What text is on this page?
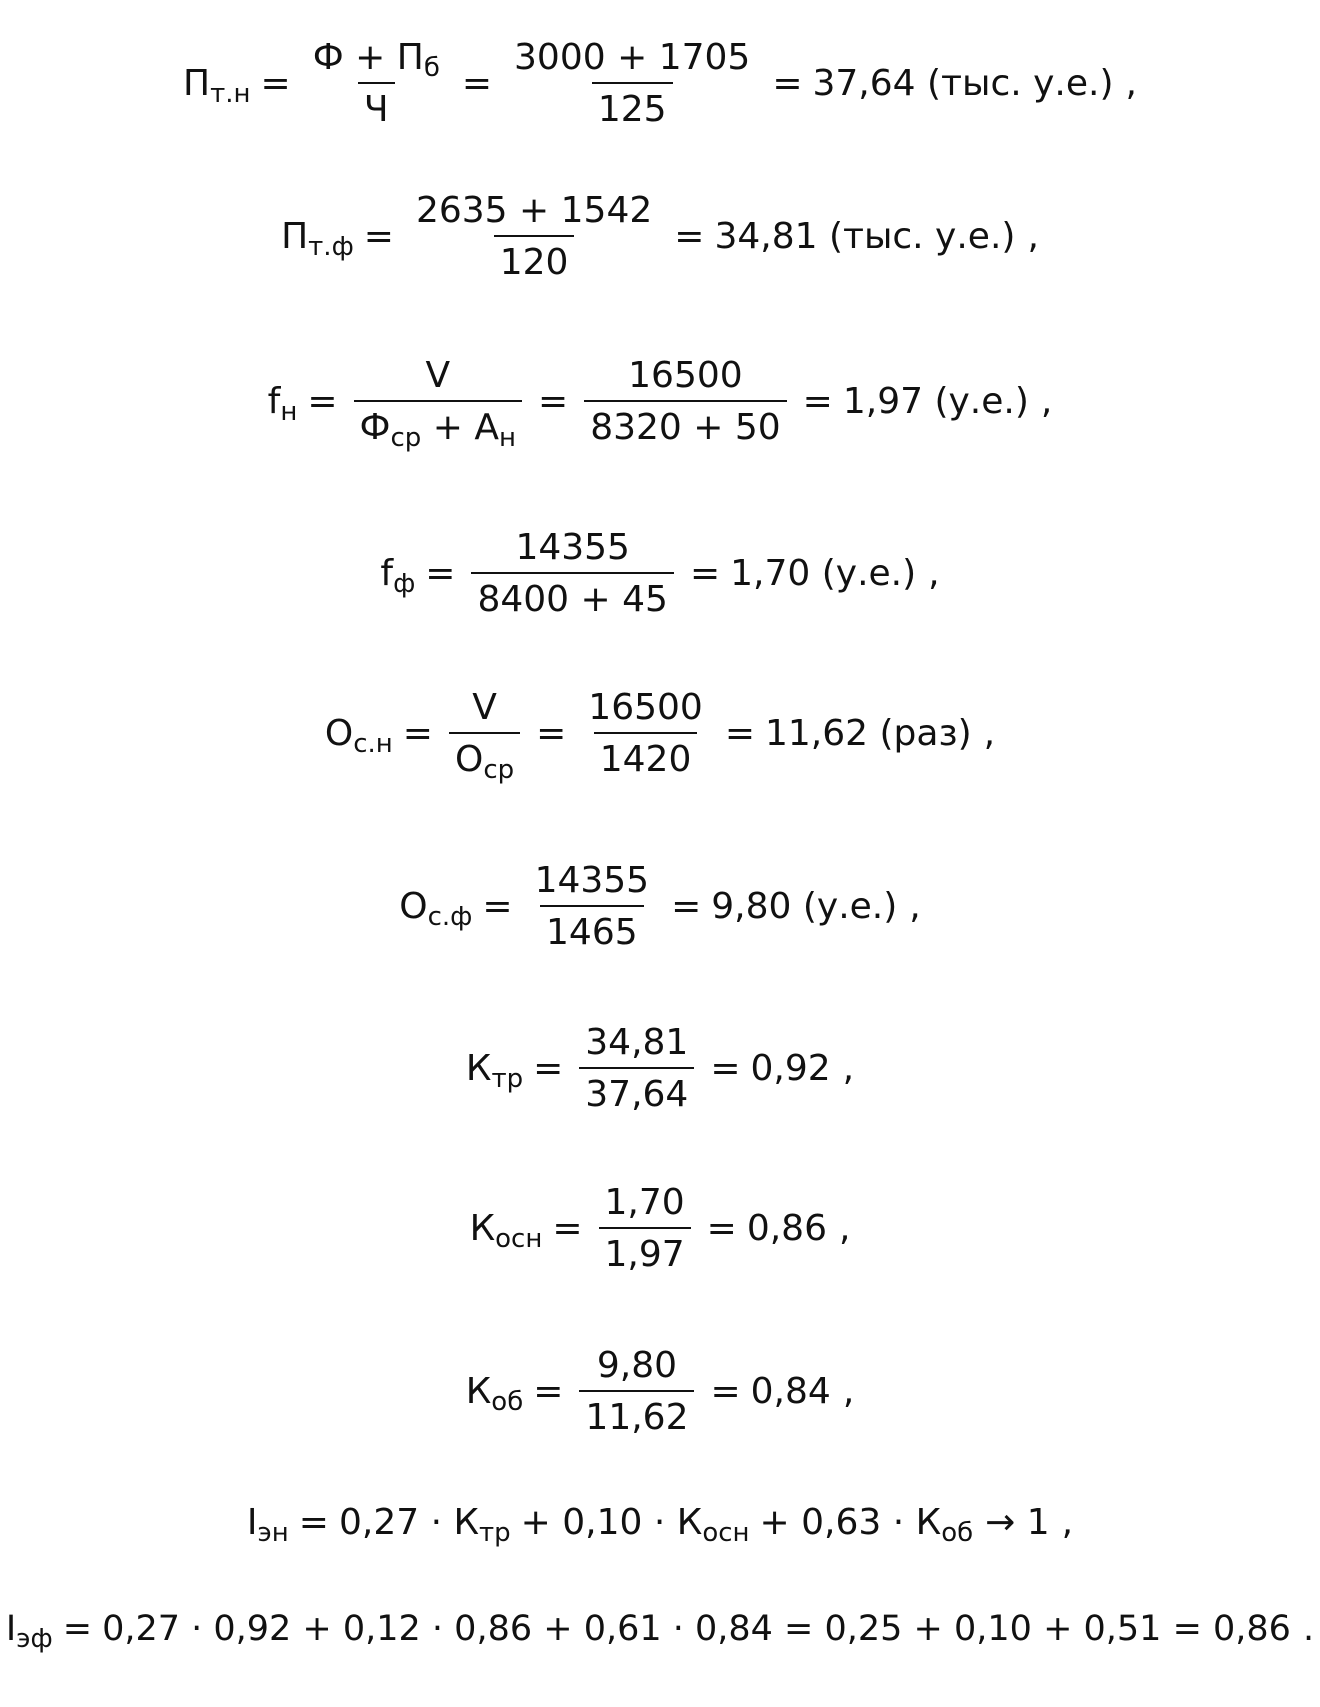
$П_{т.н} = \frac{Ф + П_б}{Ч} = \frac{3000 + 1705}{125} = 37,64$ (тыс. у.е.) ,
$П_{т.ф} = \frac{2635 + 1542}{120} = 34,81$ (тыс. у.е.) ,
$f_н = \frac{V}{Ф_{ср} + А_н} = \frac{16500}{8320 + 50} = 1,97$ (у.е.) ,
$f_ф = \frac{14355}{8400 + 45} = 1,70$ (у.е.) ,
$О_{с.н} = \frac{V}{О_{ср}} = \frac{16500}{1420} = 11,62$ (раз) ,
$О_{с.ф} = \frac{14355}{1465} = 9,80$ (у.е.) ,
$К_{тр} = \frac{34,81}{37,64} = 0,92$ ,
$К_{осн} = \frac{1,70}{1,97} = 0,86$ ,
$К_{об} = \frac{9,80}{11,62} = 0,84$ ,
$I_{эн} = 0,27 \cdot К_{тр} + 0,10 \cdot К_{осн} + 0,63 \cdot К_{об} \to 1$ ,
$I_{эф} = 0,27 \cdot 0,92 + 0,12 \cdot 0,86 + 0,61 \cdot 0,84 = 0,25 + 0,10 + 0,51 = 0,86$ .
